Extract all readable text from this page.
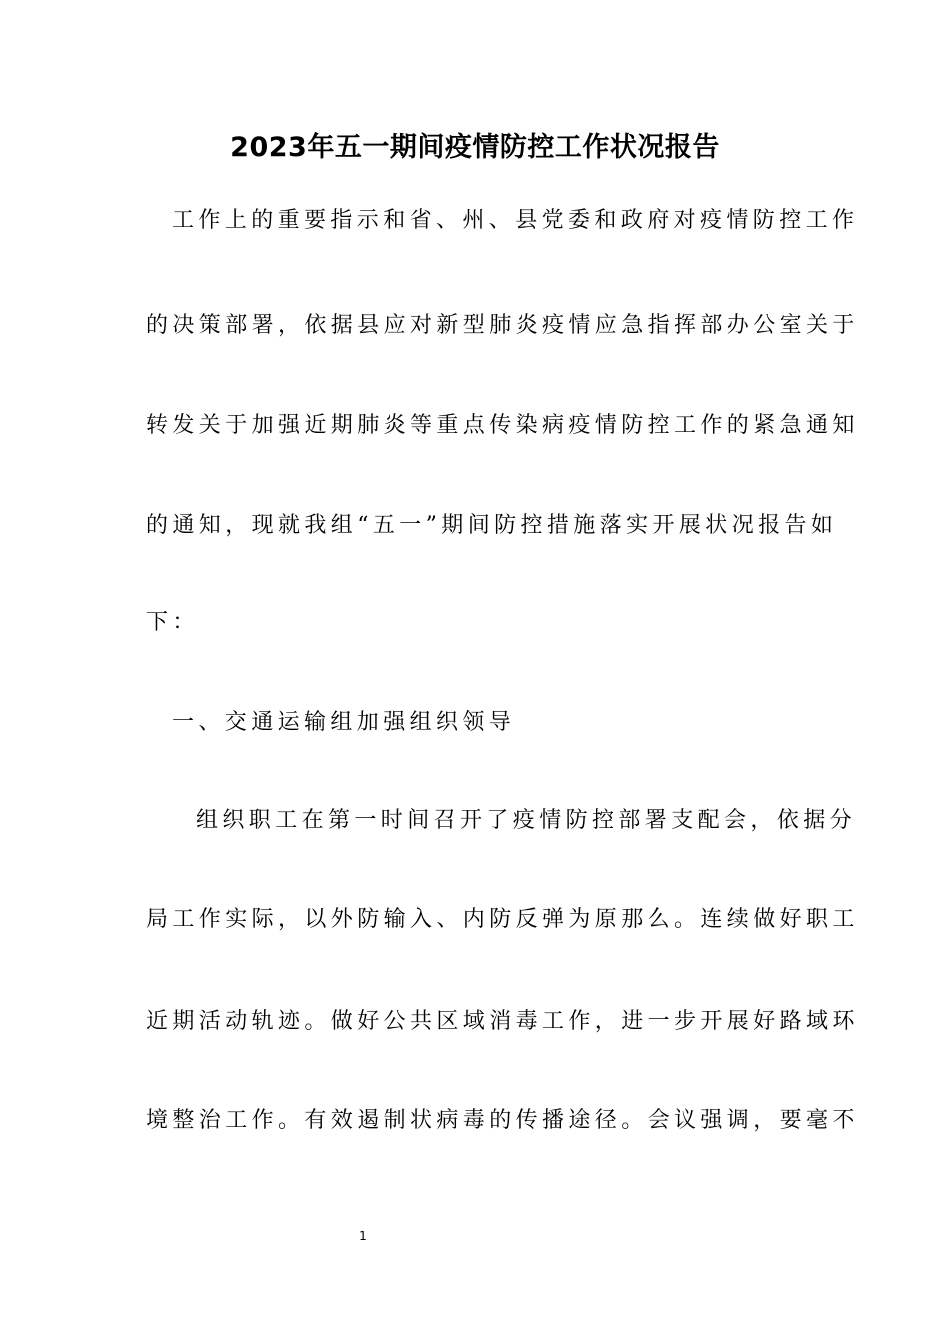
2023年五一期间疫情防控工作状况报告
工作上的重要指示和省、州、县党委和政府对疫情防控工作
的决策部署，依据县应对新型肺炎疫情应急指挥部办公室关于
转发关于加强近期肺炎等重点传染病疫情防控工作的紧急通知
的通知，现就我组“五一”期间防控措施落实开展状况报告如
下：
一、交通运输组加强组织领导
组织职工在第一时间召开了疫情防控部署支配会，依据分
局工作实际，以外防输入、内防反弹为原那么。连续做好职工
近期活动轨迹。做好公共区域消毒工作，进一步开展好路域环
境整治工作。有效遏制状病毒的传播途径。会议强调，要毫不
1
